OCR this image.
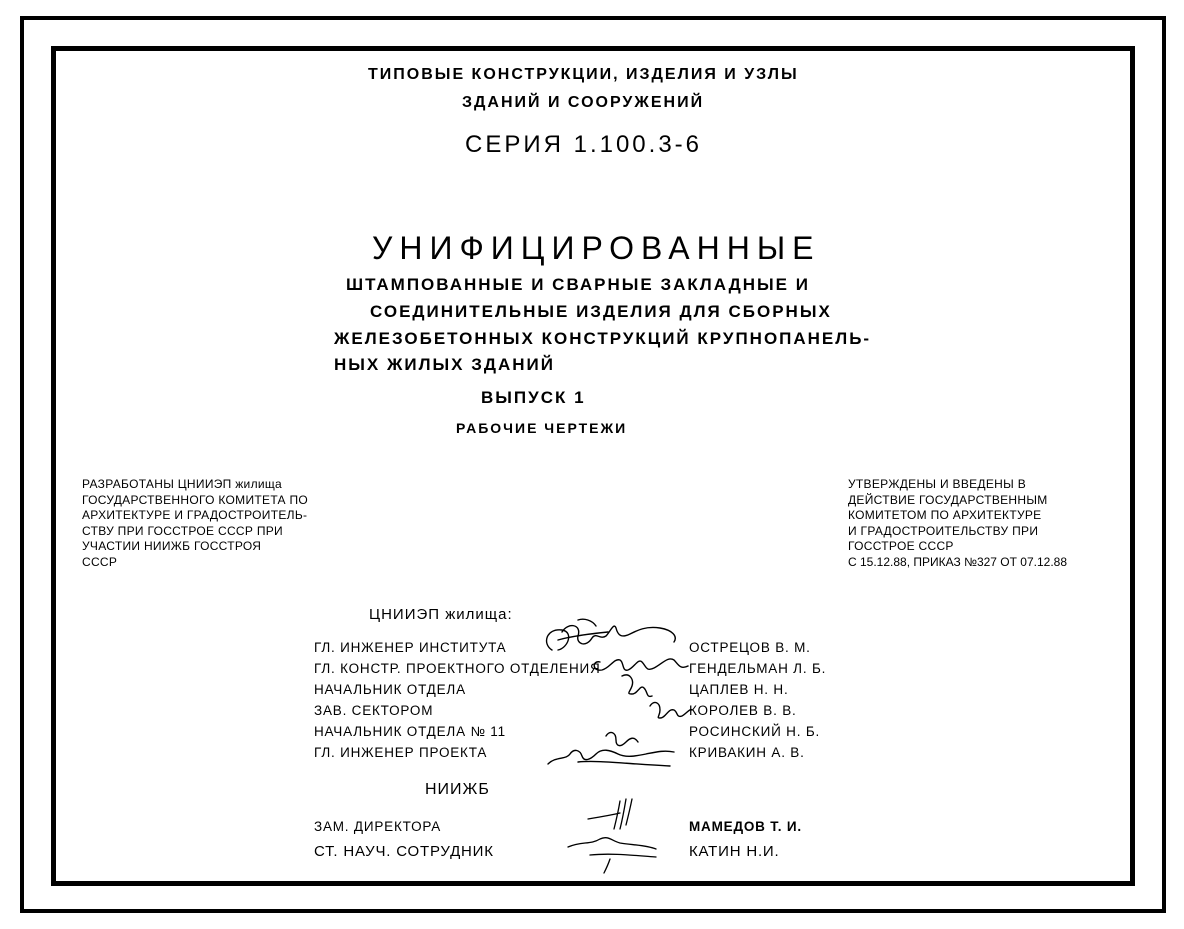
ТИПОВЫЕ КОНСТРУКЦИИ, ИЗДЕЛИЯ И УЗЛЫ

ЗДАНИЙ И СООРУЖЕНИЙ

СЕРИЯ 1.100.3-6

УНИФИЦИРОВАННЫЕ

ШТАМПОВАННЫЕ И СВАРНЫЕ ЗАКЛАДНЫЕ И

СОЕДИНИТЕЛЬНЫЕ ИЗДЕЛИЯ ДЛЯ СБОРНЫХ

ЖЕЛЕЗОБЕТОННЫХ КОНСТРУКЦИЙ КРУПНОПАНЕЛЬ-

НЫХ ЖИЛЫХ ЗДАНИЙ

ВЫПУСК 1

РАБОЧИЕ ЧЕРТЕЖИ

РАЗРАБОТАНЫ ЦНИИЭП жилища
ГОСУДАРСТВЕННОГО КОМИТЕТА ПО
АРХИТЕКТУРЕ И ГРАДОСТРОИТЕЛЬ-
СТВУ ПРИ ГОССТРОЕ СССР ПРИ
УЧАСТИИ НИИЖБ ГОССТРОЯ
СССР
УТВЕРЖДЕНЫ И ВВЕДЕНЫ В
ДЕЙСТВИЕ ГОСУДАРСТВЕННЫМ
КОМИТЕТОМ ПО АРХИТЕКТУРЕ
И ГРАДОСТРОИТЕЛЬСТВУ ПРИ
ГОССТРОЕ СССР
С 15.12.88, ПРИКАЗ №327 ОТ 07.12.88

ЦНИИЭП жилища:

ГЛ. ИНЖЕНЕР ИНСТИТУТА	ОСТРЕЦОВ В. М.
ГЛ. КОНСТР. ПРОЕКТНОГО ОТДЕЛЕНИЯ	ГЕНДЕЛЬМАН Л. Б.
НАЧАЛЬНИК ОТДЕЛА	ЦАПЛЕВ Н. Н.
ЗАВ. СЕКТОРОМ	КОРОЛЕВ В. В.
НАЧАЛЬНИК ОТДЕЛА № 11	РОСИНСКИЙ Н. Б.
ГЛ. ИНЖЕНЕР ПРОЕКТА	КРИВАКИН А. В.

НИИЖБ

ЗАМ. ДИРЕКТОРА	МАМЕДОВ Т. И.
СТ. НАУЧ. СОТРУДНИК	КАТИН Н.И.
